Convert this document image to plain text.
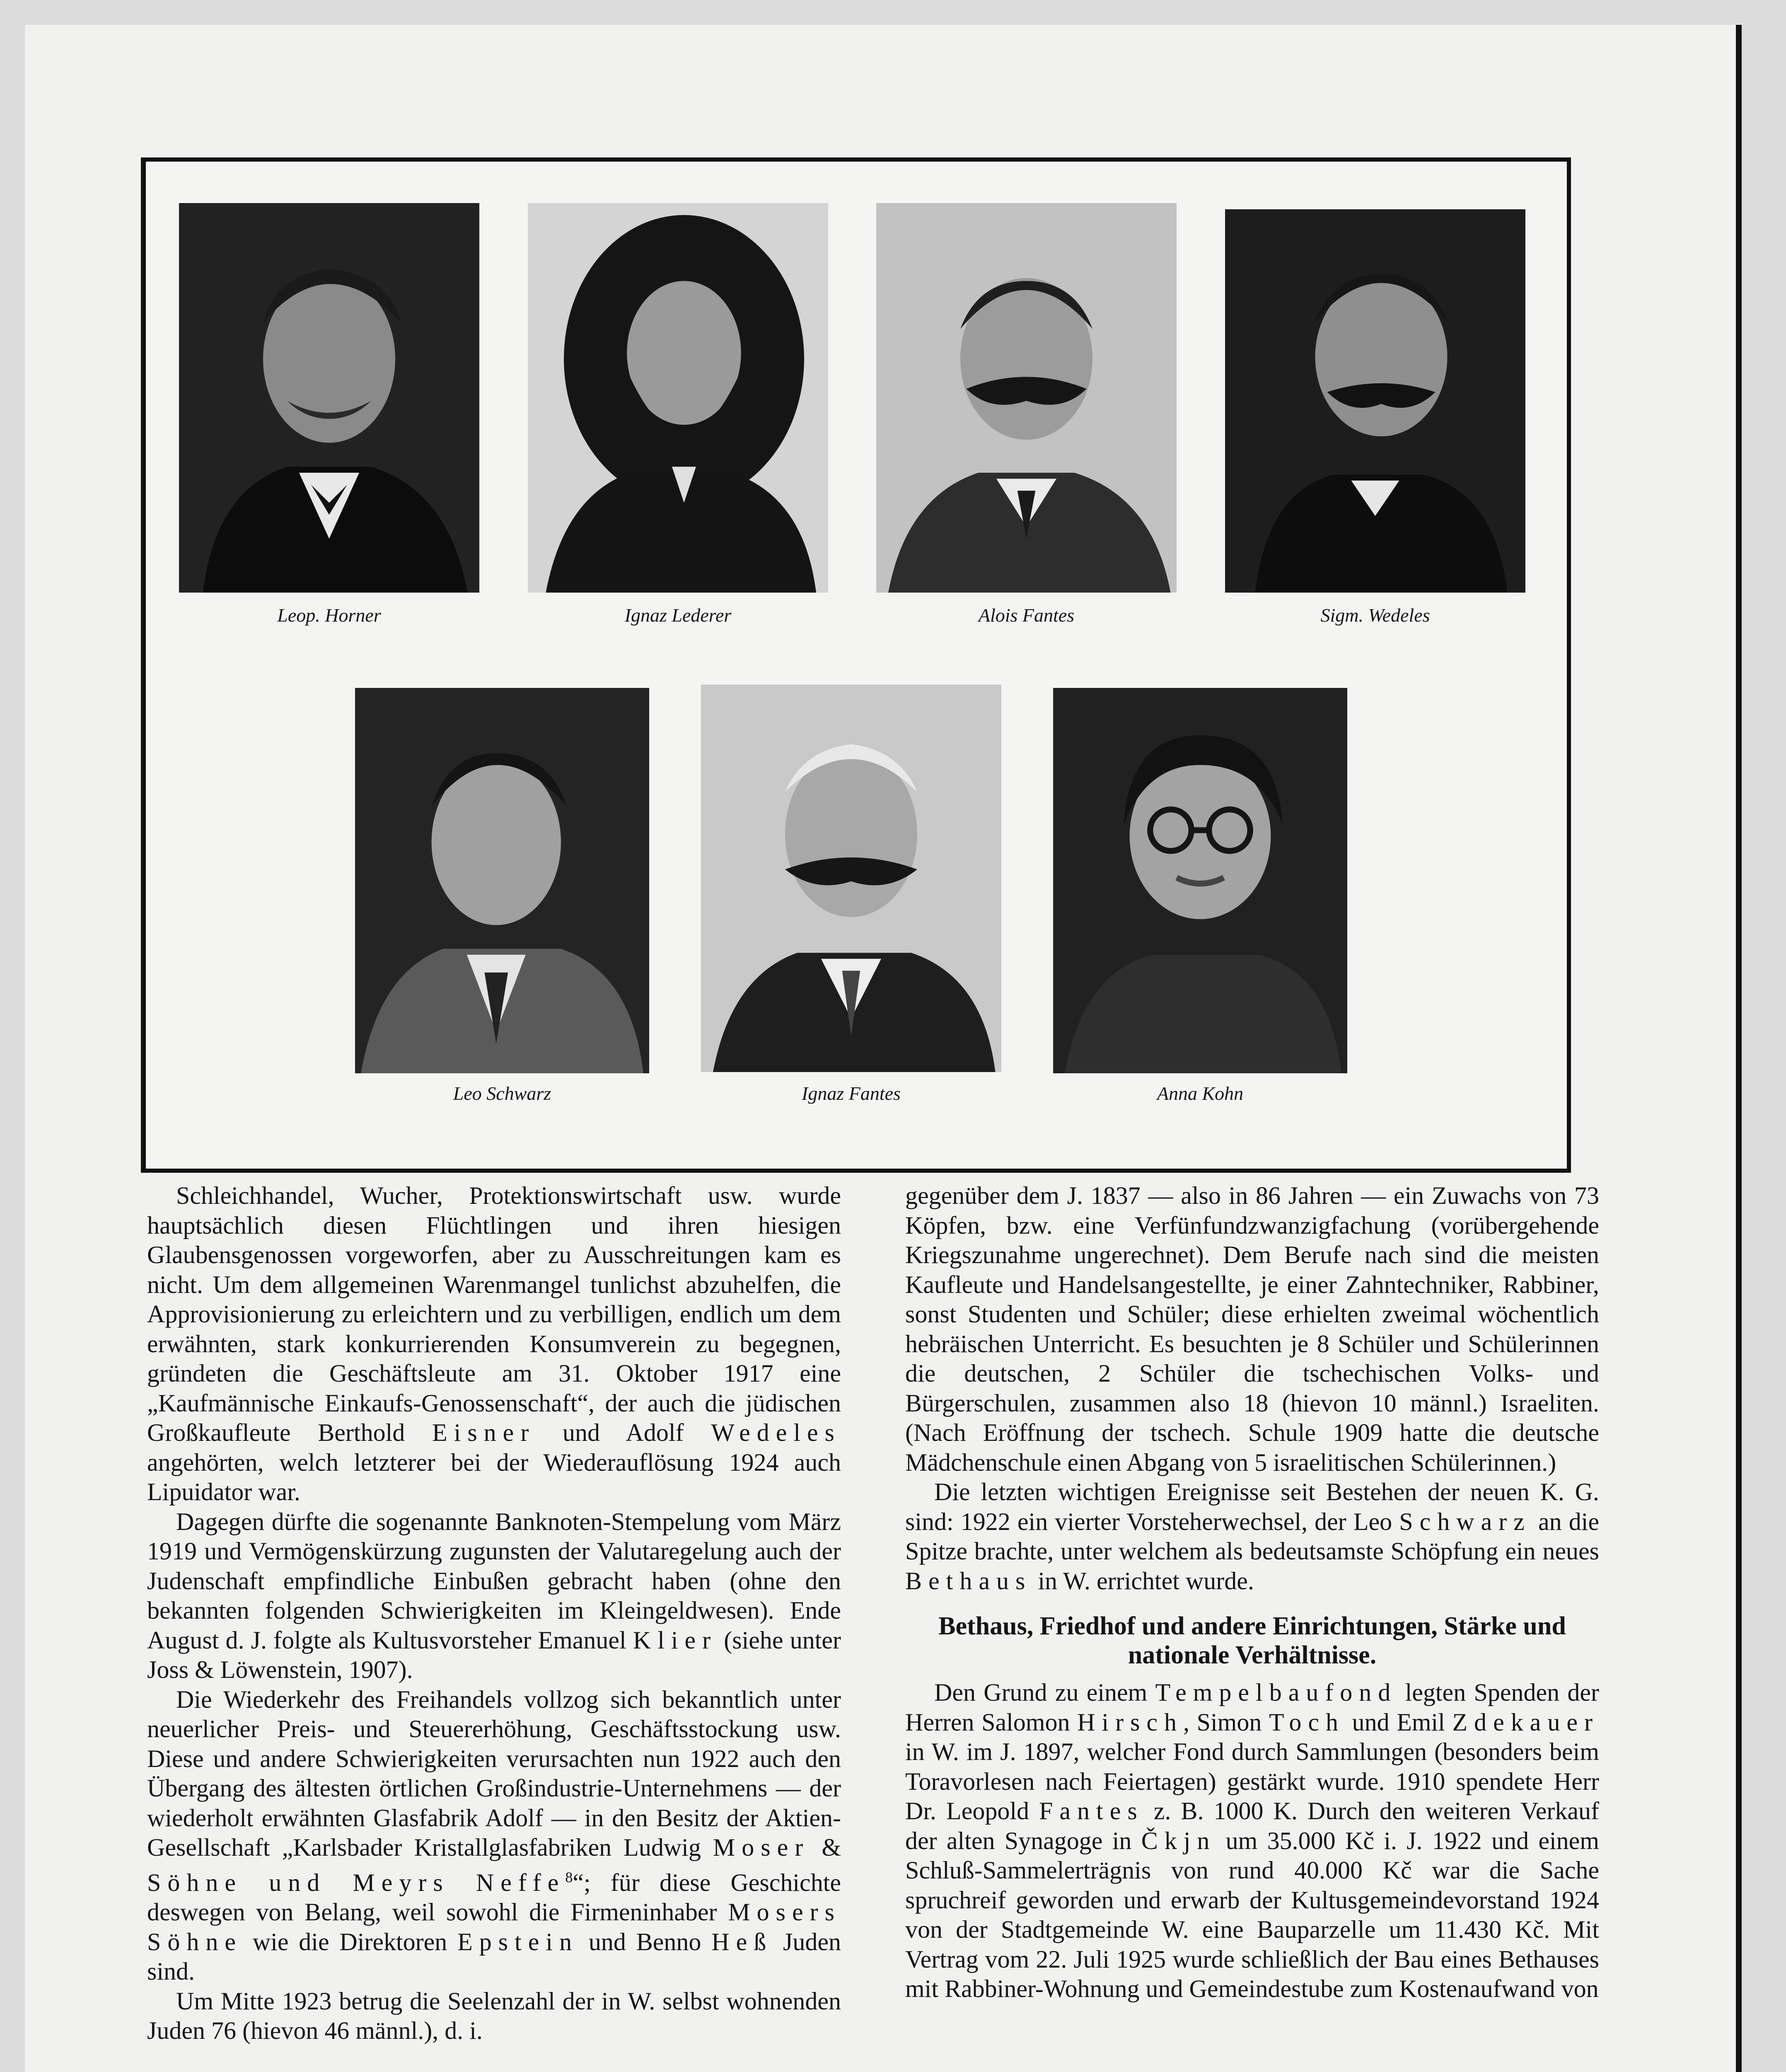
Leop. Horner	Ignaz Lederer	Alois Fantes	Sigm. Wedeles
Leo Schwarz	Ignaz Fantes	Anna Kohn

Schleichhandel, Wucher, Protektionswirtschaft usw. wurde hauptsächlich diesen Flüchtlingen und ihren hiesigen Glaubensgenossen vorgeworfen, aber zu Ausschreitungen kam es nicht. Um dem allgemeinen Warenmangel tunlichst abzuhelfen, die Approvisionierung zu erleichtern und zu verbilligen, endlich um dem erwähnten, stark konkurrierenden Konsumverein zu begegnen, gründeten die Geschäftsleute am 31. Oktober 1917 eine „Kaufmännische Einkaufs-Genossenschaft“, der auch die jüdischen Großkaufleute Berthold Eisner und Adolf Wedeles angehörten, welch letzterer bei der Wiederauflösung 1924 auch Lipuidator war.

Dagegen dürfte die sogenannte Banknoten-Stempelung vom März 1919 und Vermögenskürzung zugunsten der Valutaregelung auch der Judenschaft empfindliche Einbußen gebracht haben (ohne den bekannten folgenden Schwierigkeiten im Kleingeldwesen). Ende August d. J. folgte als Kultusvorsteher Emanuel Klier (siehe unter Joss & Löwenstein, 1907).

Die Wiederkehr des Freihandels vollzog sich bekanntlich unter neuerlicher Preis- und Steuererhöhung, Geschäftsstockung usw. Diese und andere Schwierigkeiten verursachten nun 1922 auch den Übergang des ältesten örtlichen Großindustrie-Unternehmens — der wiederholt erwähnten Glasfabrik Adolf — in den Besitz der Aktien-Gesellschaft „Karlsbader Kristallglasfabriken Ludwig Moser & Söhne und Meyrs Neffe$^8$“; für diese Geschichte deswegen von Belang, weil sowohl die Firmeninhaber Mosers Söhne wie die Direktoren Epstein und Benno Heß Juden sind.

Um Mitte 1923 betrug die Seelenzahl der in W. selbst wohnenden Juden 76 (hievon 46 männl.), d. i.

gegenüber dem J. 1837 — also in 86 Jahren — ein Zuwachs von 73 Köpfen, bzw. eine Verfünfundzwanzigfachung (vorübergehende Kriegszunahme ungerechnet). Dem Berufe nach sind die meisten Kaufleute und Handelsangestellte, je einer Zahntechniker, Rabbiner, sonst Studenten und Schüler; diese erhielten zweimal wöchentlich hebräischen Unterricht. Es besuchten je 8 Schüler und Schülerinnen die deutschen, 2 Schüler die tschechischen Volks- und Bürgerschulen, zusammen also 18 (hievon 10 männl.) Israeliten. (Nach Eröffnung der tschech. Schule 1909 hatte die deutsche Mädchenschule einen Abgang von 5 israelitischen Schülerinnen.)

Die letzten wichtigen Ereignisse seit Bestehen der neuen K. G. sind: 1922 ein vierter Vorsteherwechsel, der Leo Schwarz an die Spitze brachte, unter welchem als bedeutsamste Schöpfung ein neues Bethaus in W. errichtet wurde.

Bethaus, Friedhof und andere Einrichtungen, Stärke und nationale Verhältnisse.

Den Grund zu einem Tempelbaufond legten Spenden der Herren Salomon Hirsch, Simon Toch und Emil Zdekauer in W. im J. 1897, welcher Fond durch Sammlungen (besonders beim Toravorlesen nach Feiertagen) gestärkt wurde. 1910 spendete Herr Dr. Leopold Fantes z. B. 1000 K. Durch den weiteren Verkauf der alten Synagoge in Čkjn um 35.000 Kč i. J. 1922 und einem Schluß-Sammelerträgnis von rund 40.000 Kč war die Sache spruchreif geworden und erwarb der Kultusgemeindevorstand 1924 von der Stadtgemeinde W. eine Bauparzelle um 11.430 Kč. Mit Vertrag vom 22. Juli 1925 wurde schließlich der Bau eines Bethauses mit Rabbiner-Wohnung und Gemeindestube zum Kostenaufwand von
